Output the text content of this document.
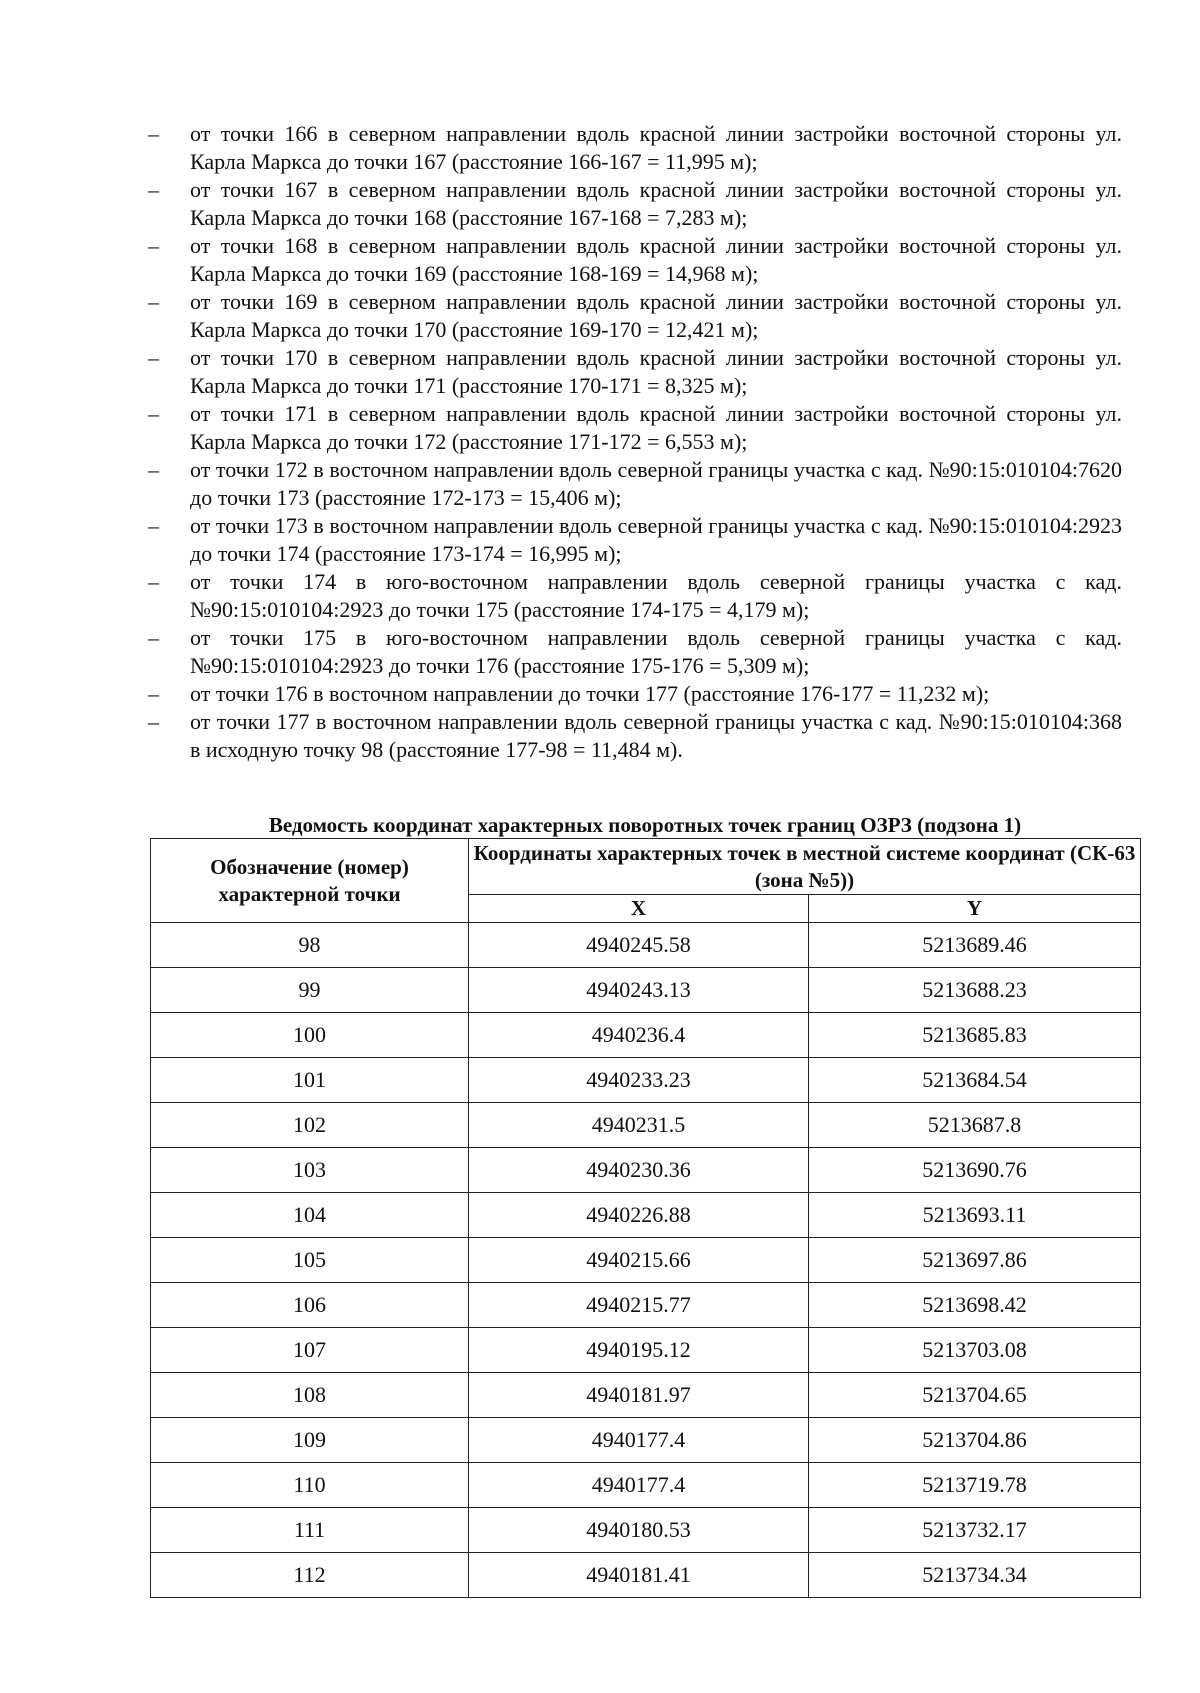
–	от точки 166 в северном направлении вдоль красной линии застройки восточной стороны ул. Карла Маркса до точки 167 (расстояние 166-167 = 11,995 м);
–	от точки 167 в северном направлении вдоль красной линии застройки восточной стороны ул. Карла Маркса до точки 168 (расстояние 167-168 = 7,283 м);
–	от точки 168 в северном направлении вдоль красной линии застройки восточной стороны ул. Карла Маркса до точки 169 (расстояние 168-169 = 14,968 м);
–	от точки 169 в северном направлении вдоль красной линии застройки восточной стороны ул. Карла Маркса до точки 170 (расстояние 169-170 = 12,421 м);
–	от точки 170 в северном направлении вдоль красной линии застройки восточной стороны ул. Карла Маркса до точки 171 (расстояние 170-171 = 8,325 м);
–	от точки 171 в северном направлении вдоль красной линии застройки восточной стороны ул. Карла Маркса до точки 172 (расстояние 171-172 = 6,553 м);
–	от точки 172 в восточном направлении вдоль северной границы участка с кад. №90:15:010104:7620 до точки 173 (расстояние 172-173 = 15,406 м);
–	от точки 173 в восточном направлении вдоль северной границы участка с кад. №90:15:010104:2923 до точки 174 (расстояние 173-174 = 16,995 м);
–	от точки 174 в юго-восточном направлении вдоль северной границы участка с кад. №90:15:010104:2923 до точки 175 (расстояние 174-175 = 4,179 м);
–	от точки 175 в юго-восточном направлении вдоль северной границы участка с кад. №90:15:010104:2923 до точки 176 (расстояние 175-176 = 5,309 м);
–	от точки 176 в восточном направлении до точки 177 (расстояние 176-177 = 11,232 м);
–	от точки 177 в восточном направлении вдоль северной границы участка с кад. №90:15:010104:368 в исходную точку 98 (расстояние 177-98 = 11,484 м).
Ведомость координат характерных поворотных точек границ ОЗРЗ (подзона 1)
Обозначение (номер) характерной точки	Координаты характерных точек в местной системе координат (СК-63 (зона №5))	
	X	Y
98	4940245.58	5213689.46
99	4940243.13	5213688.23
100	4940236.4	5213685.83
101	4940233.23	5213684.54
102	4940231.5	5213687.8
103	4940230.36	5213690.76
104	4940226.88	5213693.11
105	4940215.66	5213697.86
106	4940215.77	5213698.42
107	4940195.12	5213703.08
108	4940181.97	5213704.65
109	4940177.4	5213704.86
110	4940177.4	5213719.78
111	4940180.53	5213732.17
112	4940181.41	5213734.34
